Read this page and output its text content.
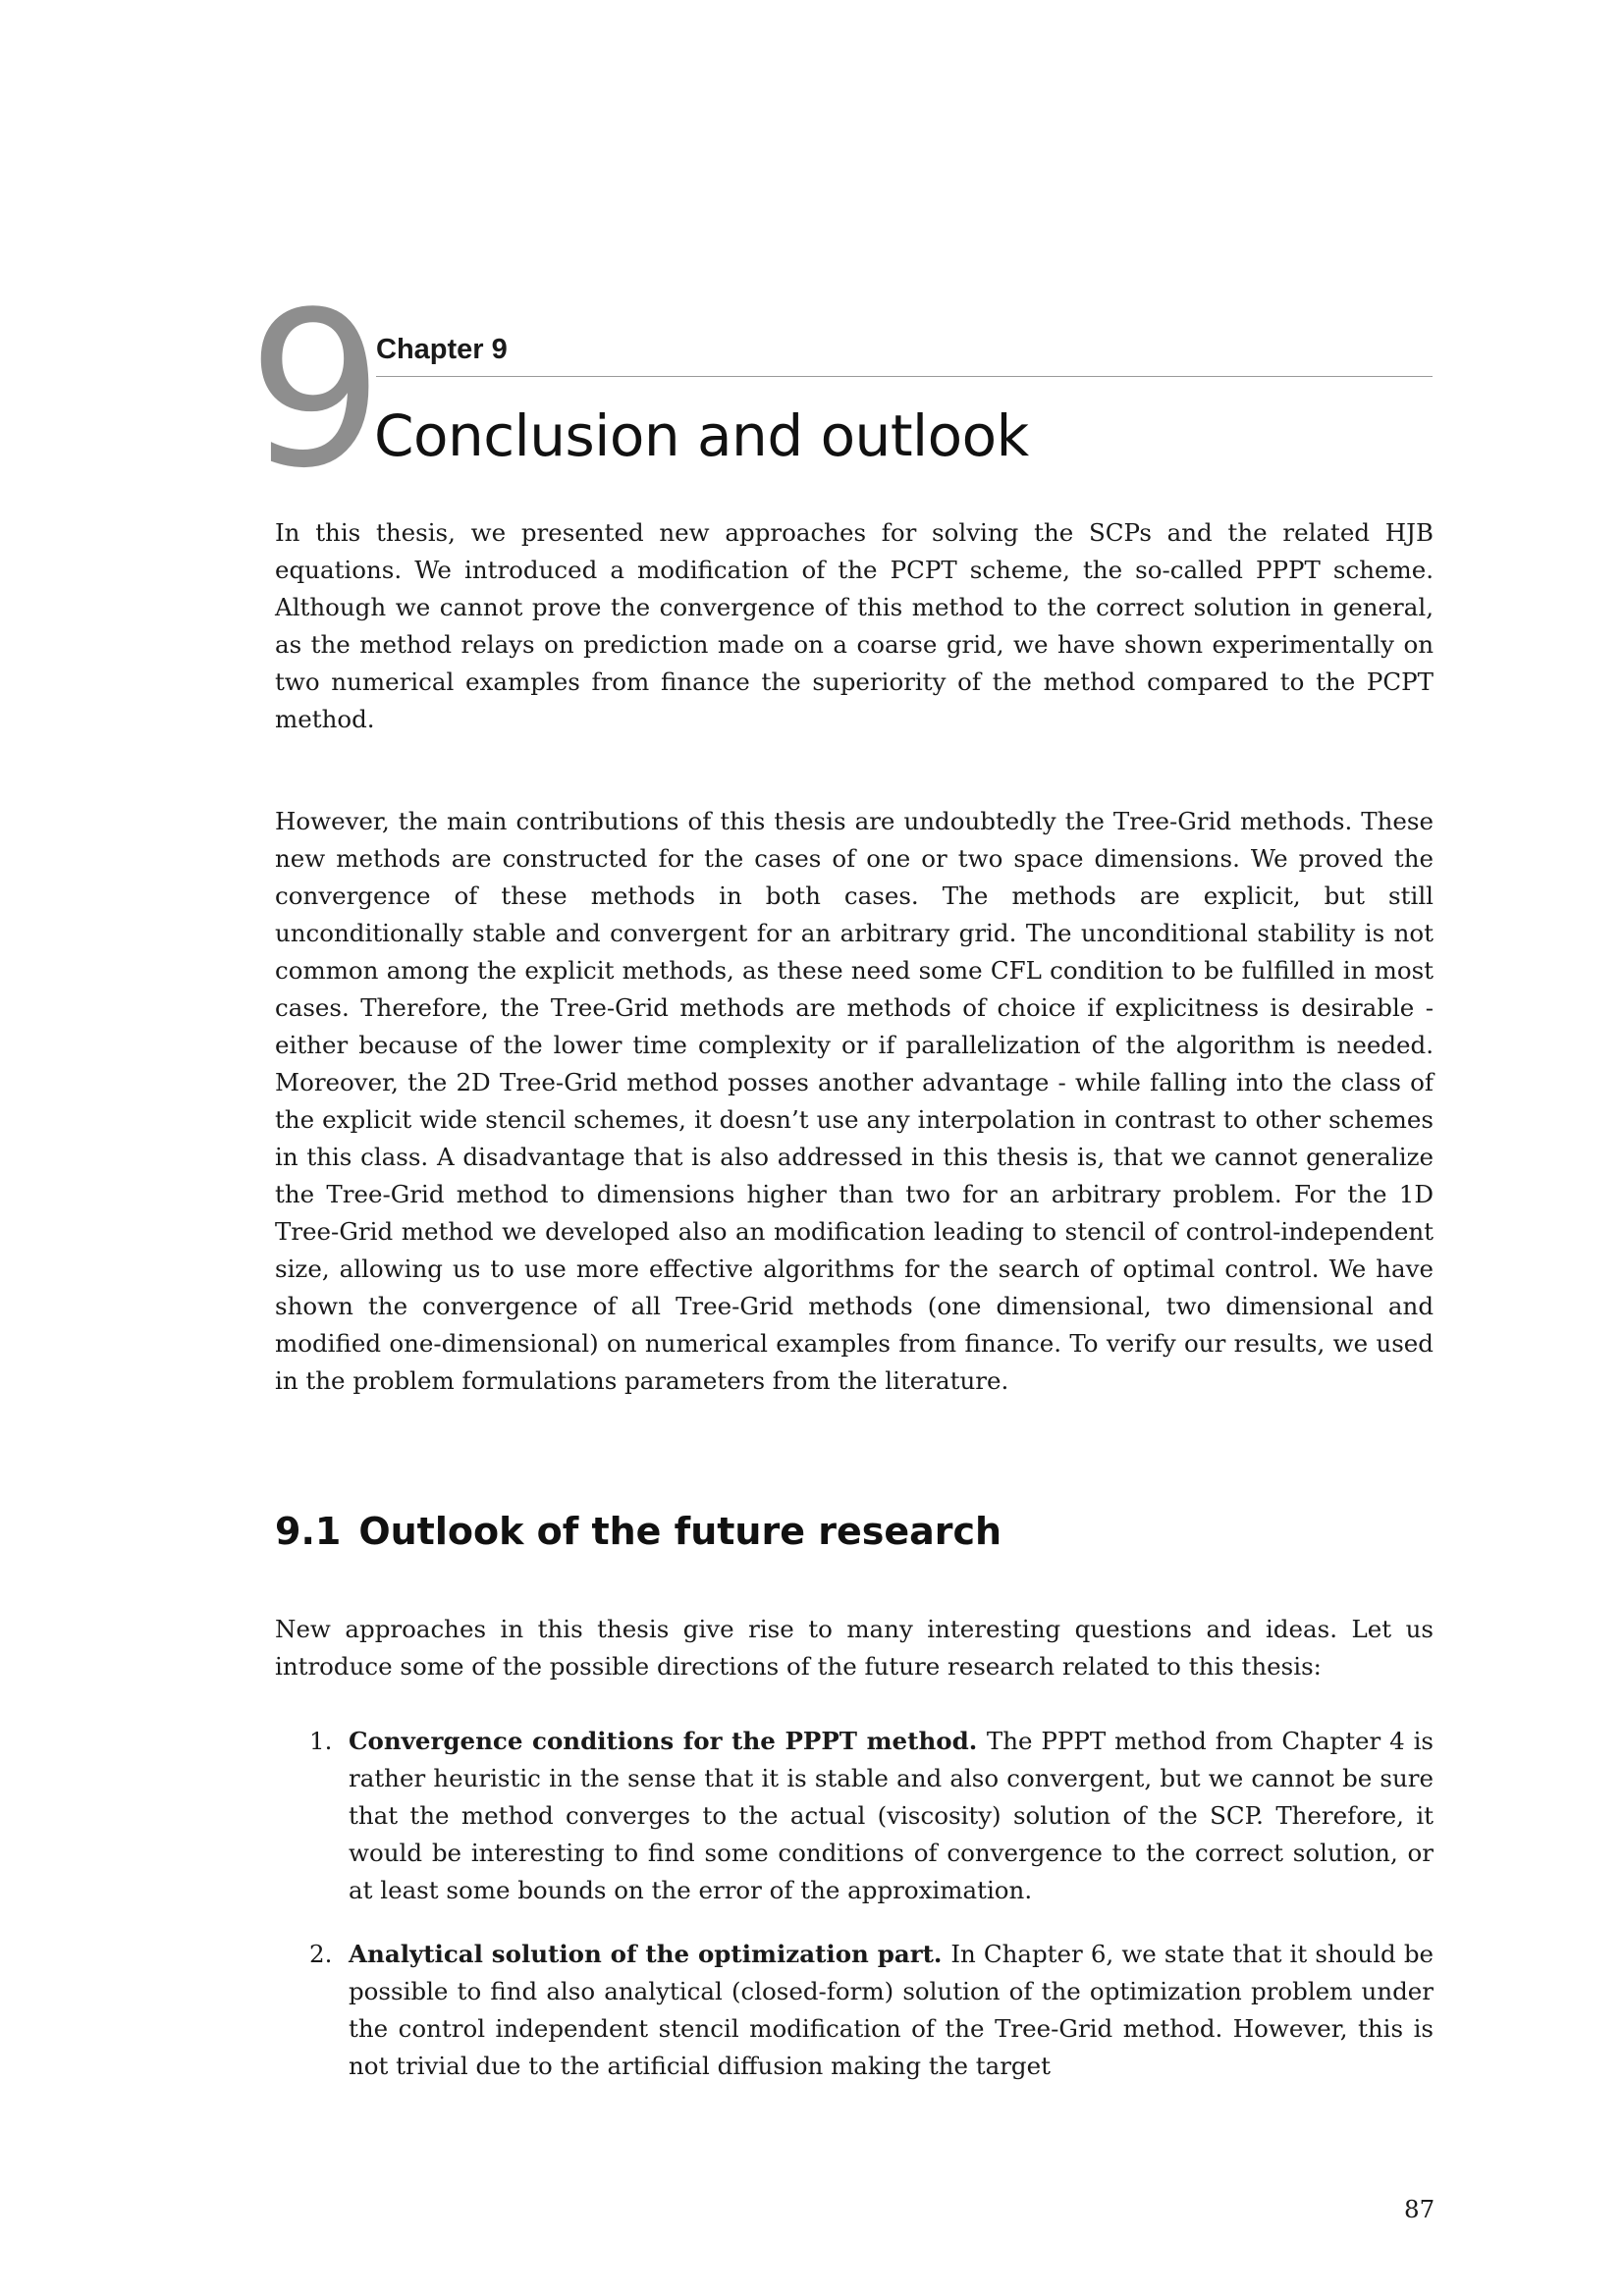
9
Chapter 9
Conclusion and outlook

In this thesis, we presented new approaches for solving the SCPs and the related HJB equations. We introduced a modification of the PCPT scheme, the so-called PPPT scheme. Although we cannot prove the convergence of this method to the correct solution in general, as the method relays on prediction made on a coarse grid, we have shown experimentally on two numerical examples from finance the superiority of the method compared to the PCPT method.

However, the main contributions of this thesis are undoubtedly the Tree-Grid methods. These new methods are constructed for the cases of one or two space dimensions. We proved the convergence of these methods in both cases. The methods are explicit, but still unconditionally stable and convergent for an arbitrary grid. The unconditional stability is not common among the explicit methods, as these need some CFL condition to be fulfilled in most cases. Therefore, the Tree-Grid methods are methods of choice if explicitness is desirable - either because of the lower time complexity or if parallelization of the algorithm is needed. Moreover, the 2D Tree-Grid method posses another advantage - while falling into the class of the explicit wide stencil schemes, it doesn’t use any interpolation in contrast to other schemes in this class. A disadvantage that is also addressed in this thesis is, that we cannot generalize the Tree-Grid method to dimensions higher than two for an arbitrary problem. For the 1D Tree-Grid method we developed also an modification leading to stencil of control-independent size, allowing us to use more effective algorithms for the search of optimal control. We have shown the convergence of all Tree-Grid methods (one dimensional, two dimensional and modified one-dimensional) on numerical examples from finance. To verify our results, we used in the problem formulations parameters from the literature.

9.1 Outlook of the future research

New approaches in this thesis give rise to many interesting questions and ideas. Let us introduce some of the possible directions of the future research related to this thesis:

1. Convergence conditions for the PPPT method. The PPPT method from Chapter 4 is rather heuristic in the sense that it is stable and also convergent, but we cannot be sure that the method converges to the actual (viscosity) solution of the SCP. Therefore, it would be interesting to find some conditions of convergence to the correct solution, or at least some bounds on the error of the approximation.
2. Analytical solution of the optimization part. In Chapter 6, we state that it should be possible to find also analytical (closed-form) solution of the optimization problem under the control independent stencil modification of the Tree-Grid method. However, this is not trivial due to the artificial diffusion making the target
87
